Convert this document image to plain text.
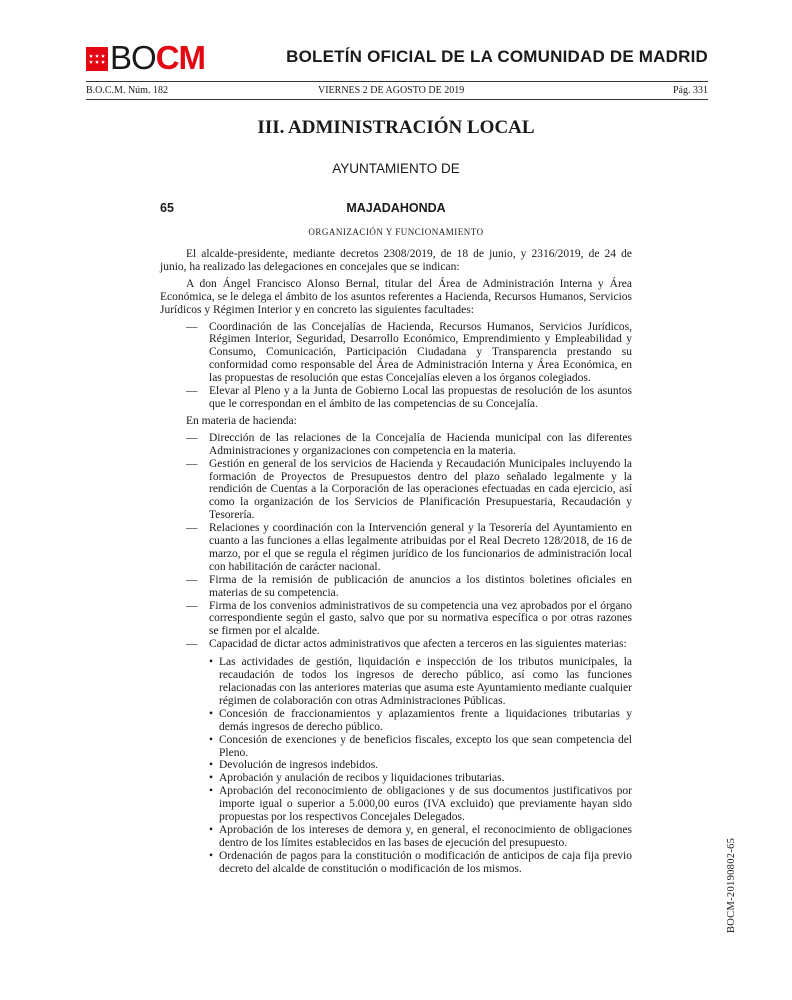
BOCM	BOLETÍN OFICIAL DE LA COMUNIDAD DE MADRID
B.O.C.M. Núm. 182	VIERNES 2 DE AGOSTO DE 2019	Pág. 331
III. ADMINISTRACIÓN LOCAL
AYUNTAMIENTO DE
65	MAJADAHONDA
ORGANIZACIÓN Y FUNCIONAMIENTO

El alcalde-presidente, mediante decretos 2308/2019, de 18 de junio, y 2316/2019, de 24 de junio, ha realizado las delegaciones en concejales que se indican:

A don Ángel Francisco Alonso Bernal, titular del Área de Administración Interna y Área Económica, se le delega el ámbito de los asuntos referentes a Hacienda, Recursos Humanos, Servicios Jurídicos y Régimen Interior y en concreto las siguientes facultades:

— Coordinación de las Concejalías de Hacienda, Recursos Humanos, Servicios Jurídicos, Régimen Interior, Seguridad, Desarrollo Económico, Emprendimiento y Empleabilidad y Consumo, Comunicación, Participación Ciudadana y Transparencia prestando su conformidad como responsable del Área de Administración Interna y Área Económica, en las propuestas de resolución que estas Concejalías eleven a los órganos colegiados.
— Elevar al Pleno y a la Junta de Gobierno Local las propuestas de resolución de los asuntos que le correspondan en el ámbito de las competencias de su Concejalía.

En materia de hacienda:

— Dirección de las relaciones de la Concejalía de Hacienda municipal con las diferentes Administraciones y organizaciones con competencia en la materia.
— Gestión en general de los servicios de Hacienda y Recaudación Municipales incluyendo la formación de Proyectos de Presupuestos dentro del plazo señalado legalmente y la rendición de Cuentas a la Corporación de las operaciones efectuadas en cada ejercicio, así como la organización de los Servicios de Planificación Presupuestaria, Recaudación y Tesorería.
— Relaciones y coordinación con la Intervención general y la Tesorería del Ayuntamiento en cuanto a las funciones a ellas legalmente atribuidas por el Real Decreto 128/2018, de 16 de marzo, por el que se regula el régimen jurídico de los funcionarios de administración local con habilitación de carácter nacional.
— Firma de la remisión de publicación de anuncios a los distintos boletines oficiales en materias de su competencia.
— Firma de los convenios administrativos de su competencia una vez aprobados por el órgano correspondiente según el gasto, salvo que por su normativa específica o por otras razones se firmen por el alcalde.
— Capacidad de dictar actos administrativos que afecten a terceros en las siguientes materias:
• Las actividades de gestión, liquidación e inspección de los tributos municipales, la recaudación de todos los ingresos de derecho público, así como las funciones relacionadas con las anteriores materias que asuma este Ayuntamiento mediante cualquier régimen de colaboración con otras Administraciones Públicas.
• Concesión de fraccionamientos y aplazamientos frente a liquidaciones tributarias y demás ingresos de derecho público.
• Concesión de exenciones y de beneficios fiscales, excepto los que sean competencia del Pleno.
• Devolución de ingresos indebidos.
• Aprobación y anulación de recibos y liquidaciones tributarias.
• Aprobación del reconocimiento de obligaciones y de sus documentos justificativos por importe igual o superior a 5.000,00 euros (IVA excluido) que previamente hayan sido propuestas por los respectivos Concejales Delegados.
• Aprobación de los intereses de demora y, en general, el reconocimiento de obligaciones dentro de los límites establecidos en las bases de ejecución del presupuesto.
• Ordenación de pagos para la constitución o modificación de anticipos de caja fija previo decreto del alcalde de constitución o modificación de los mismos.	BOCM-20190802-65
